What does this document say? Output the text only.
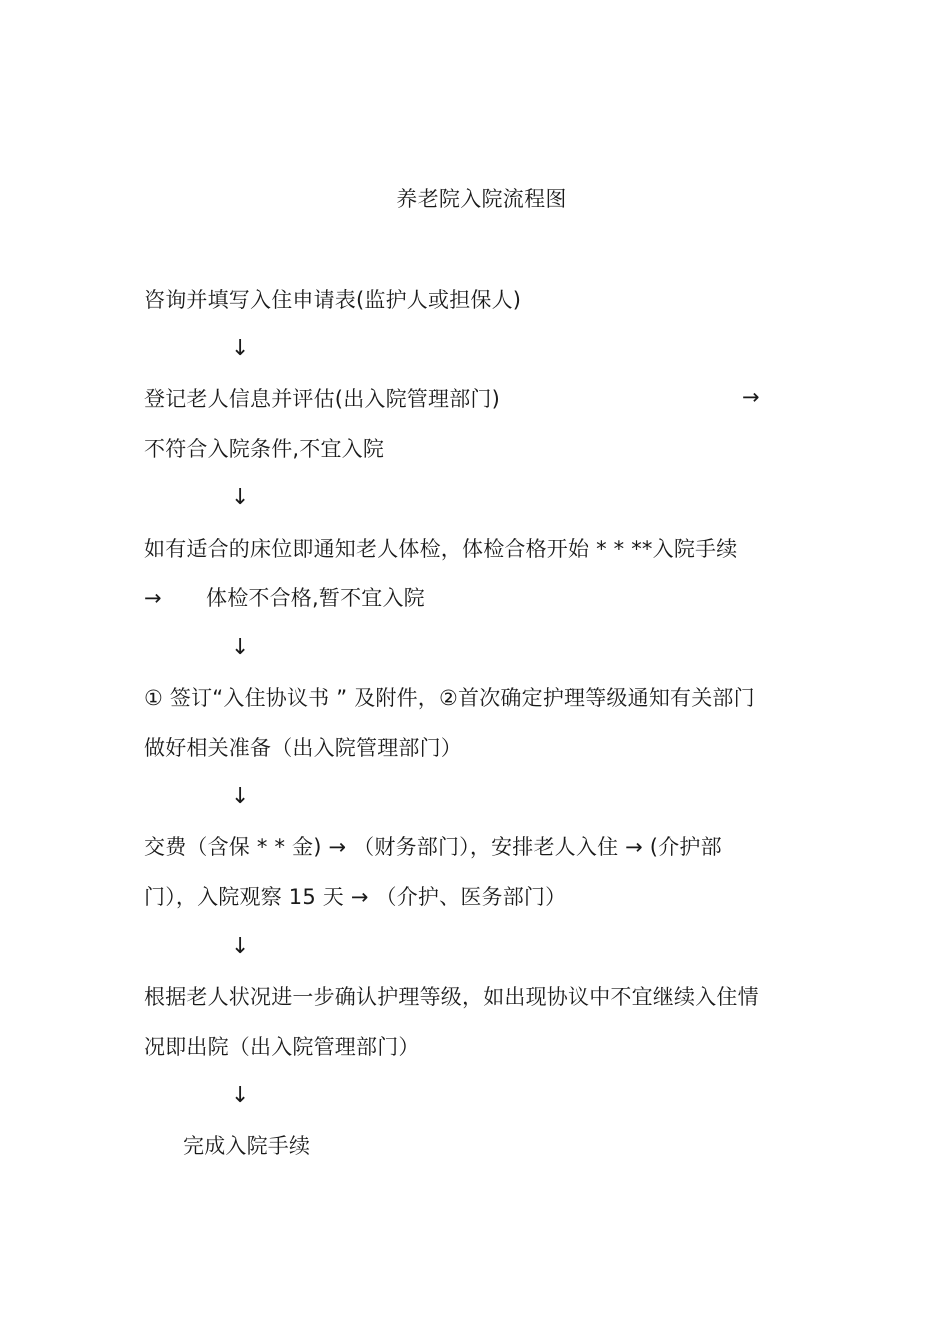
养老院入院流程图
咨询并填写入住申请表(监护人或担保人)
↓
登记老人信息并评估(出入院管理部门)	→
不符合入院条件,不宜入院
↓
如有适合的床位即通知老人体检，体检合格开始 * * **入院手续
→ 体检不合格,暂不宜入院
↓
① 签订“入住协议书 ” 及附件，②首次确定护理等级通知有关部门
做好相关准备（出入院管理部门）
↓
交费（含保 * * 金) → （财务部门），安排老人入住 → (介护部
门），入院观察 15 天 → （介护、医务部门）
↓
根据老人状况进一步确认护理等级，如出现协议中不宜继续入住情
况即出院（出入院管理部门）
↓
完成入院手续
